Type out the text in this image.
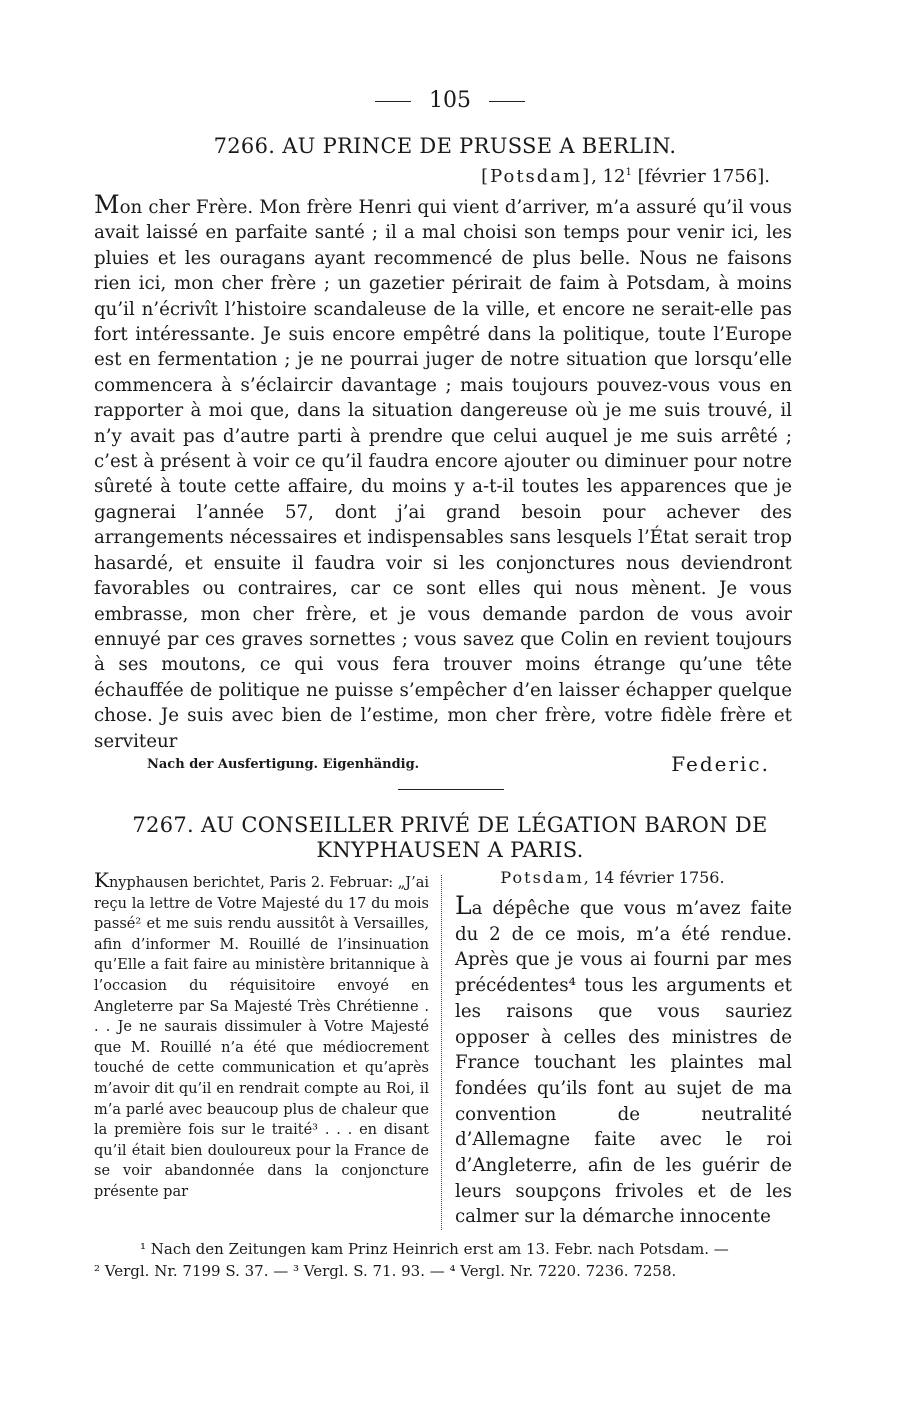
105
7266. AU PRINCE DE PRUSSE A BERLIN.
[Potsdam], $12^1$ [février 1756].

Mon cher Frère. Mon frère Henri qui vient d’arriver, m’a assuré qu’il vous avait laissé en parfaite santé ; il a mal choisi son temps pour venir ici, les pluies et les ouragans ayant recommencé de plus belle. Nous ne faisons rien ici, mon cher frère ; un gazetier périrait de faim à Potsdam, à moins qu’il n’écrivît l’histoire scandaleuse de la ville, et encore ne serait-elle pas fort intéressante. Je suis encore empêtré dans la politique, toute l’Europe est en fermentation ; je ne pourrai juger de notre situation que lorsqu’elle commencera à s’éclaircir davantage ; mais toujours pouvez-vous vous en rapporter à moi que, dans la situation dangereuse où je me suis trouvé, il n’y avait pas d’autre parti à prendre que celui auquel je me suis arrêté ; c’est à présent à voir ce qu’il faudra encore ajouter ou diminuer pour notre sûreté à toute cette affaire, du moins y a-t-il toutes les apparences que je gagnerai l’année 57, dont j’ai grand besoin pour achever des arrangements nécessaires et indispensables sans lesquels l’État serait trop hasardé, et ensuite il faudra voir si les conjonctures nous deviendront favorables ou contraires, car ce sont elles qui nous mènent. Je vous embrasse, mon cher frère, et je vous demande pardon de vous avoir ennuyé par ces graves sornettes ; vous savez que Colin en revient toujours à ses moutons, ce qui vous fera trouver moins étrange qu’une tête échauffée de politique ne puisse s’empêcher d’en laisser échapper quelque chose. Je suis avec bien de l’estime, mon cher frère, votre fidèle frère et serviteur

Nach der Ausfertigung. Eigenhändig.	Federic.
7267. AU CONSEILLER PRIVÉ DE LÉGATION BARON DE
KNYPHAUSEN A PARIS.
Knyphausen berichtet, Paris 2. Februar: „J’ai reçu la lettre de Votre Majesté du 17 du mois passé² et me suis rendu aussitôt à Versailles, afin d’informer M. Rouillé de l’insinuation qu’Elle a fait faire au ministère britannique à l’occasion du réquisitoire envoyé en Angleterre par Sa Majesté Très Chrétienne . . . Je ne saurais dissimuler à Votre Majesté que M. Rouillé n’a été que médiocrement touché de cette communication et qu’après m’avoir dit qu’il en rendrait compte au Roi, il m’a parlé avec beaucoup plus de chaleur que la première fois sur le traité³ . . . en disant qu’il était bien douloureux pour la France de se voir abandonnée dans la conjoncture présente par
Potsdam, 14 février 1756.
La dépêche que vous m’avez faite du 2 de ce mois, m’a été rendue. Après que je vous ai fourni par mes précédentes⁴ tous les arguments et les raisons que vous sauriez opposer à celles des ministres de France touchant les plaintes mal fondées qu’ils font au sujet de ma convention de neutralité d’Allemagne faite avec le roi d’Angleterre, afin de les guérir de leurs soupçons frivoles et de les calmer sur la démarche innocente
¹ Nach den Zeitungen kam Prinz Heinrich erst am 13. Febr. nach Potsdam. —
² Vergl. Nr. 7199 S. 37. — ³ Vergl. S. 71. 93. — ⁴ Vergl. Nr. 7220. 7236. 7258.
